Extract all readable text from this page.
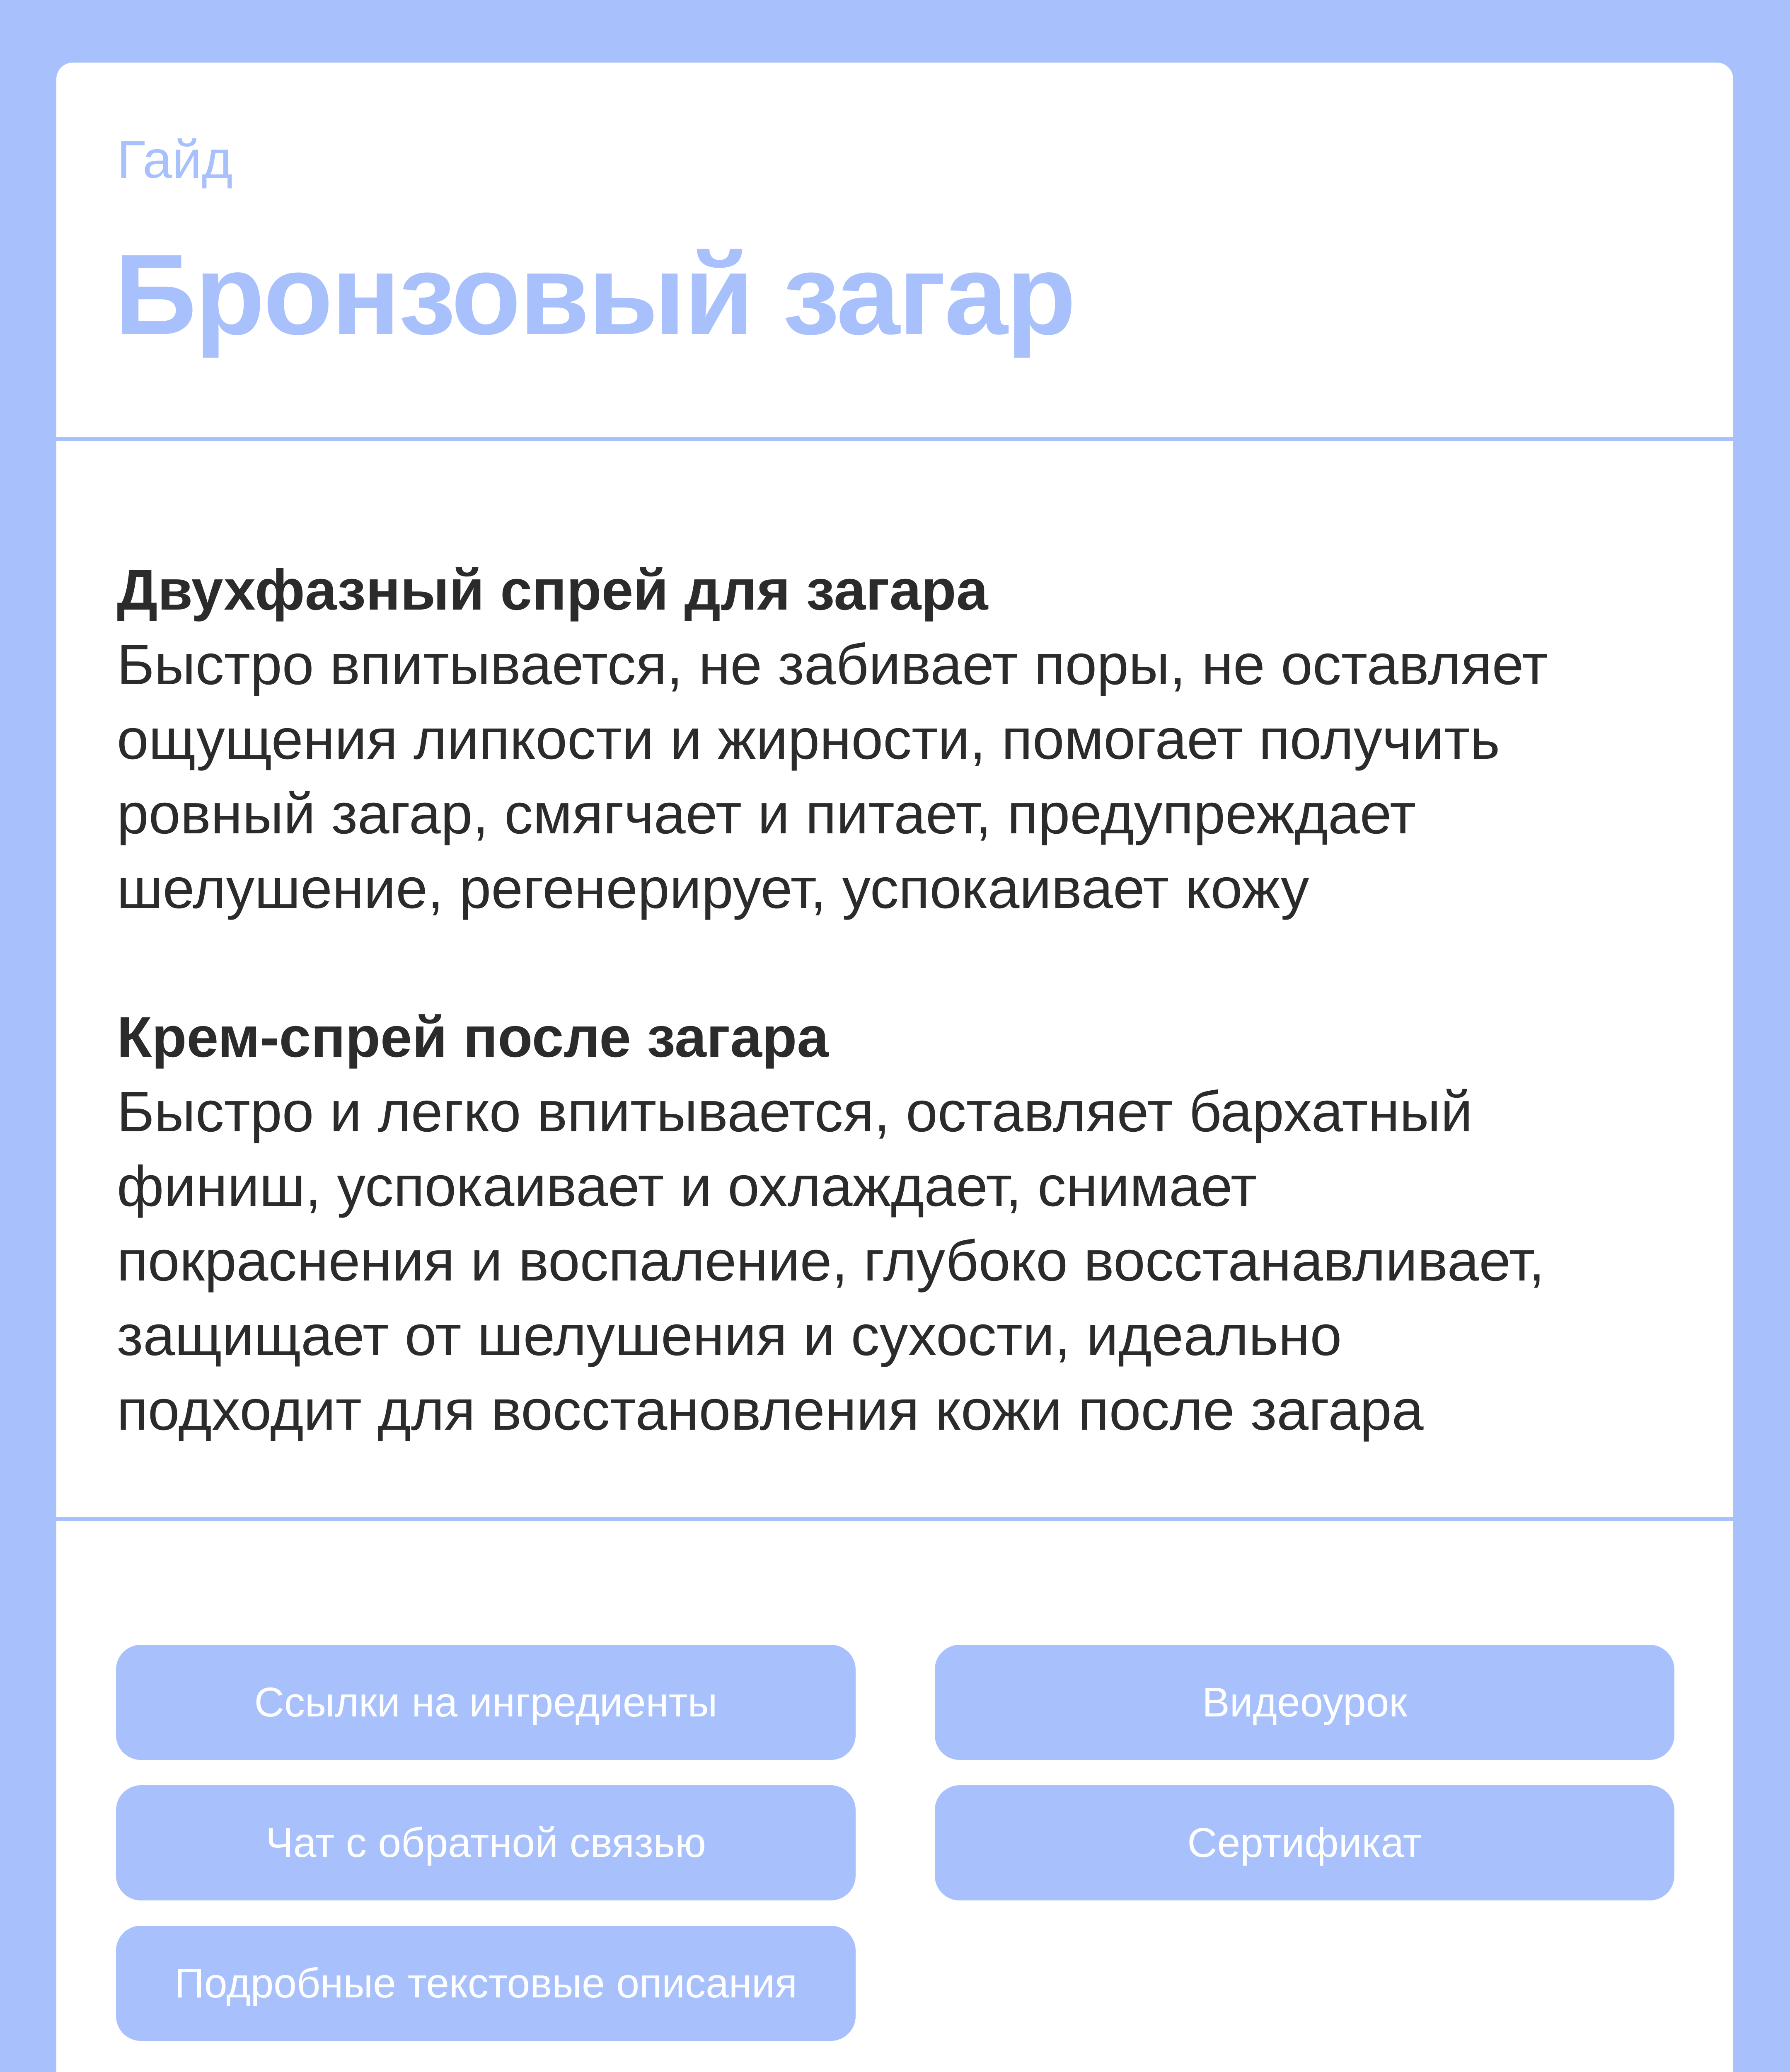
Гайд
Бронзовый загар
Двухфазный спрей для загара

Быстро впитывается, не забивает поры, не оставляет
ощущения липкости и жирности, помогает получить
ровный загар, смягчает и питает, предупреждает
шелушение, регенерирует, успокаивает кожу

Крем-спрей после загара

Быстро и легко впитывается, оставляет бархатный
финиш, успокаивает и охлаждает, снимает
покраснения и воспаление, глубоко восстанавливает,
защищает от шелушения и сухости, идеально
подходит для восстановления кожи после загара

Ссылки на ингредиенты	Видеоурок
Чат с обратной связью	Сертификат
Подробные текстовые описания
